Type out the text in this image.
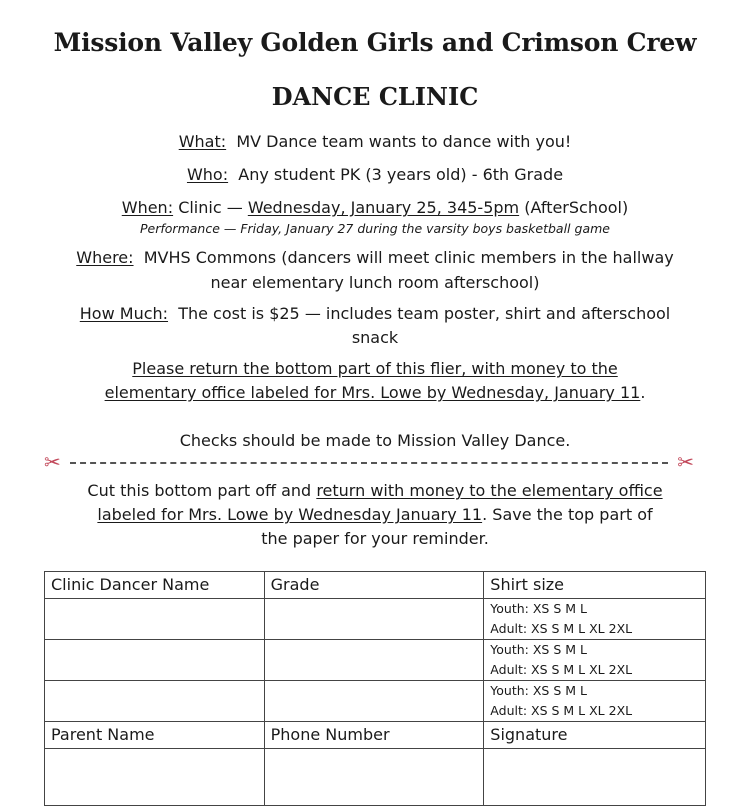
Mission Valley Golden Girls and Crimson Crew
DANCE CLINIC
What: MV Dance team wants to dance with you!
Who: Any student PK (3 years old) - 6th Grade
When: Clinic — Wednesday, January 25, 345-5pm (AfterSchool)
Performance — Friday, January 27 during the varsity boys basketball game
Where: MVHS Commons (dancers will meet clinic members in the hallway
near elementary lunch room afterschool)
How Much: The cost is $25 — includes team poster, shirt and afterschool
snack
Please return the bottom part of this flier, with money to the
elementary office labeled for Mrs. Lowe by Wednesday, January 11.
Checks should be made to Mission Valley Dance.
✂	✂
Cut this bottom part off and return with money to the elementary office
labeled for Mrs. Lowe by Wednesday January 11. Save the top part of
the paper for your reminder.
Clinic Dancer Name	Grade	Shirt size

		Youth: XS S M L
Adult: XS S M L XL 2XL

		Youth: XS S M L
Adult: XS S M L XL 2XL

		Youth: XS S M L
Adult: XS S M L XL 2XL

Parent Name	Phone Number	Signature
